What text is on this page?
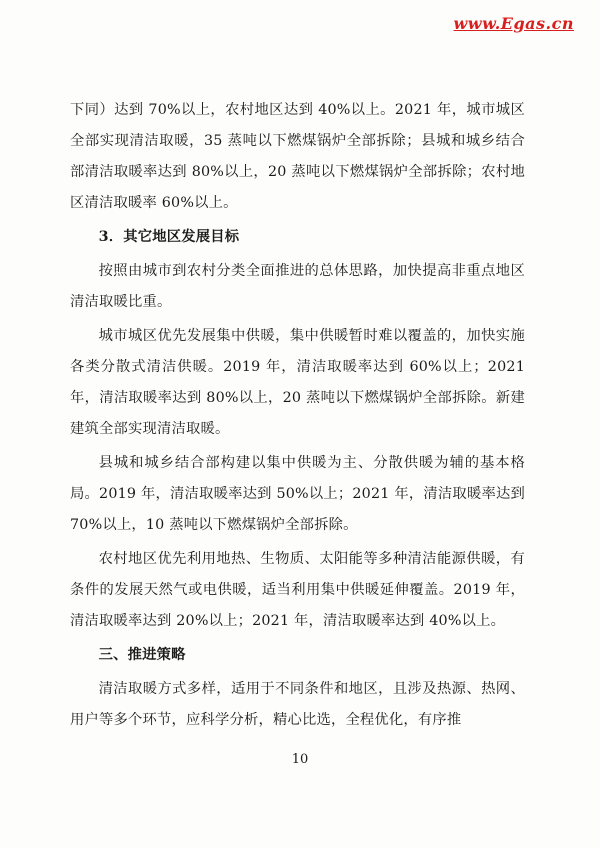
www.Egas.cn

下同）达到 70%以上，农村地区达到 40%以上。2021 年，城市城区全部实现清洁取暖，35 蒸吨以下燃煤锅炉全部拆除；县城和城乡结合部清洁取暖率达到 80%以上，20 蒸吨以下燃煤锅炉全部拆除；农村地区清洁取暖率 60%以上。

3．其它地区发展目标

按照由城市到农村分类全面推进的总体思路，加快提高非重点地区清洁取暖比重。

城市城区优先发展集中供暖，集中供暖暂时难以覆盖的，加快实施各类分散式清洁供暖。2019 年，清洁取暖率达到 60%以上；2021 年，清洁取暖率达到 80%以上，20 蒸吨以下燃煤锅炉全部拆除。新建建筑全部实现清洁取暖。

县城和城乡结合部构建以集中供暖为主、分散供暖为辅的基本格局。2019 年，清洁取暖率达到 50%以上；2021 年，清洁取暖率达到 70%以上，10 蒸吨以下燃煤锅炉全部拆除。

农村地区优先利用地热、生物质、太阳能等多种清洁能源供暖，有条件的发展天然气或电供暖，适当利用集中供暖延伸覆盖。2019 年，清洁取暖率达到 20%以上；2021 年，清洁取暖率达到 40%以上。

三、推进策略

清洁取暖方式多样，适用于不同条件和地区，且涉及热源、热网、用户等多个环节，应科学分析，精心比选，全程优化，有序推

10
